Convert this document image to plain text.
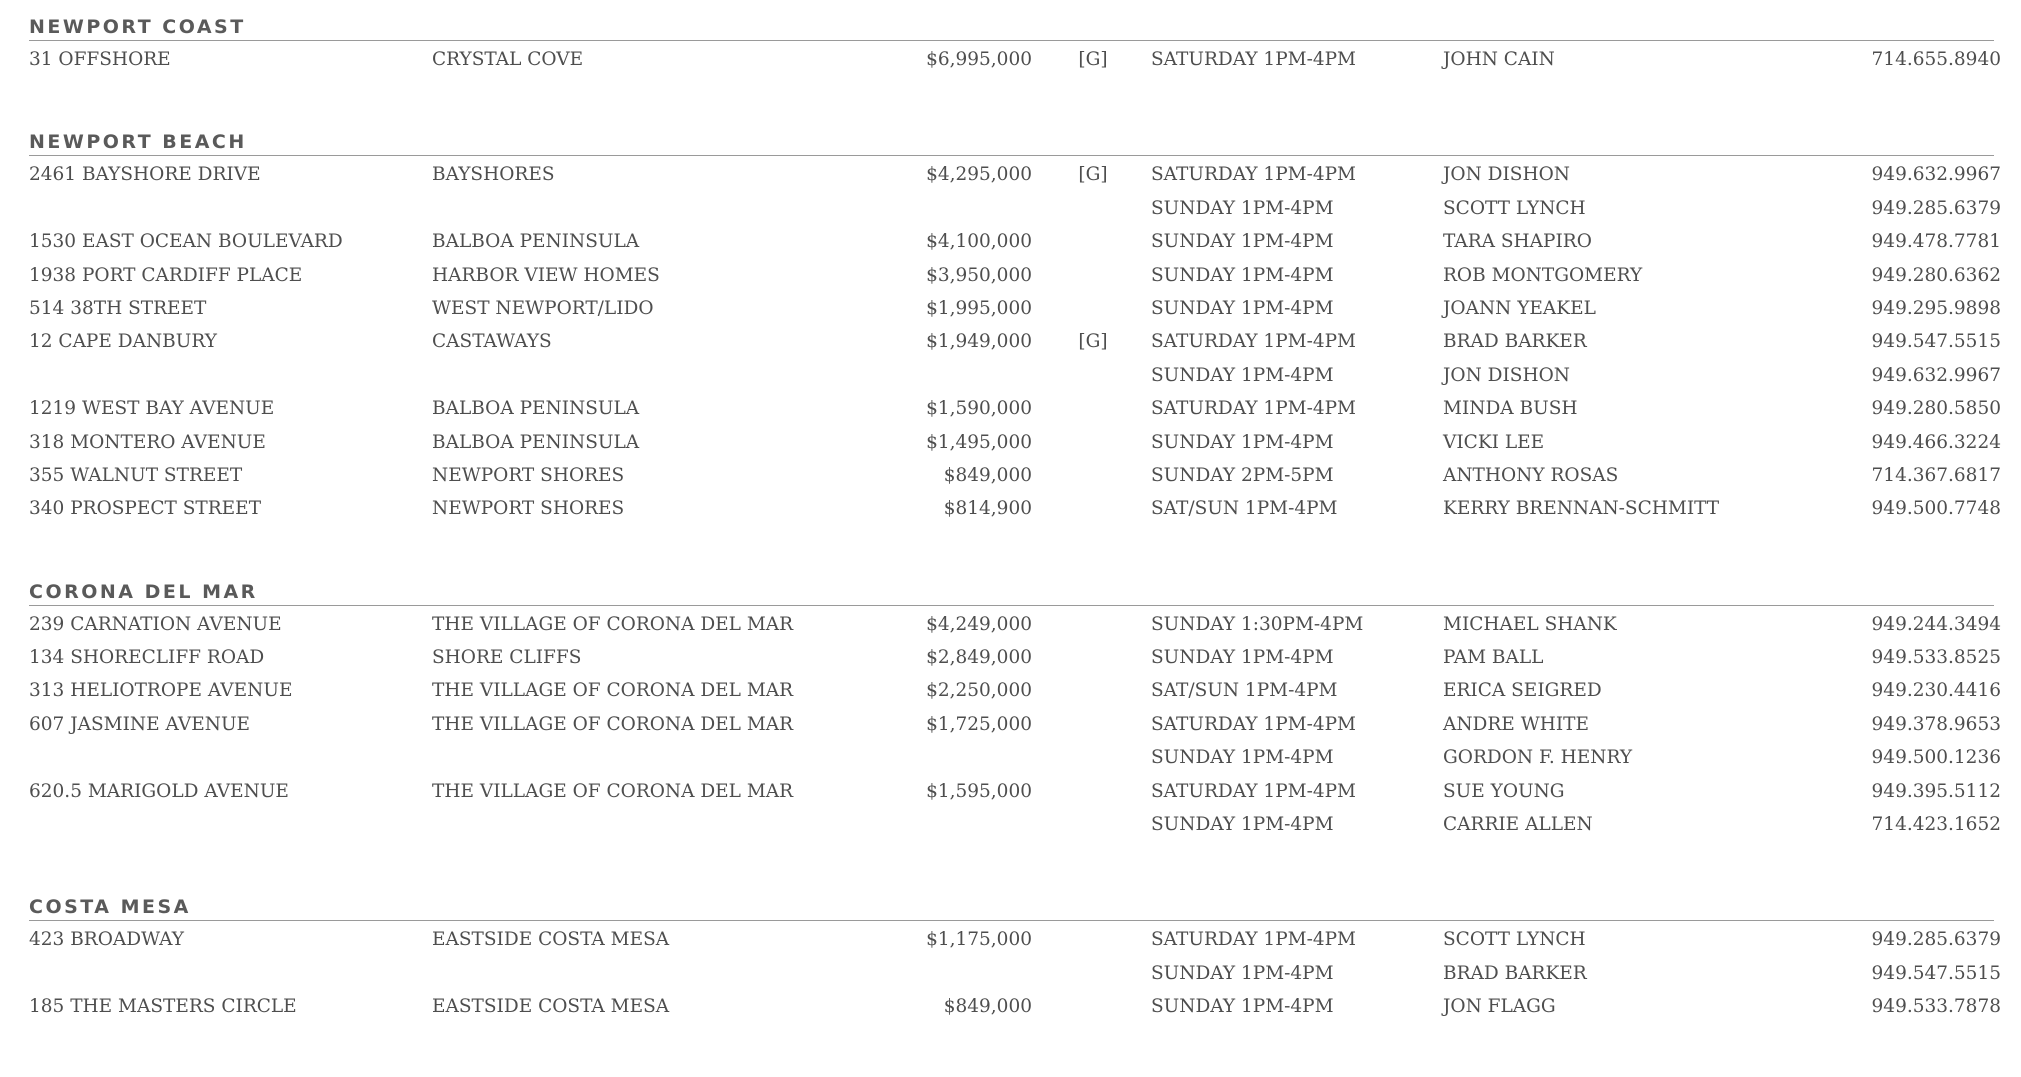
NEWPORT COAST
31 OFFSHORE	CRYSTAL COVE	$6,995,000	[G]	SATURDAY 1PM-4PM	JOHN CAIN	714.655.8940
NEWPORT BEACH
2461 BAYSHORE DRIVE	BAYSHORES	$4,295,000	[G]	SATURDAY 1PM-4PM	JON DISHON	949.632.9967
SUNDAY 1PM-4PM	SCOTT LYNCH	949.285.6379
1530 EAST OCEAN BOULEVARD	BALBOA PENINSULA	$4,100,000	SUNDAY 1PM-4PM	TARA SHAPIRO	949.478.7781
1938 PORT CARDIFF PLACE	HARBOR VIEW HOMES	$3,950,000	SUNDAY 1PM-4PM	ROB MONTGOMERY	949.280.6362
514 38TH STREET	WEST NEWPORT/LIDO	$1,995,000	SUNDAY 1PM-4PM	JOANN YEAKEL	949.295.9898
12 CAPE DANBURY	CASTAWAYS	$1,949,000	[G]	SATURDAY 1PM-4PM	BRAD BARKER	949.547.5515
SUNDAY 1PM-4PM	JON DISHON	949.632.9967
1219 WEST BAY AVENUE	BALBOA PENINSULA	$1,590,000	SATURDAY 1PM-4PM	MINDA BUSH	949.280.5850
318 MONTERO AVENUE	BALBOA PENINSULA	$1,495,000	SUNDAY 1PM-4PM	VICKI LEE	949.466.3224
355 WALNUT STREET	NEWPORT SHORES	$849,000	SUNDAY 2PM-5PM	ANTHONY ROSAS	714.367.6817
340 PROSPECT STREET	NEWPORT SHORES	$814,900	SAT/SUN 1PM-4PM	KERRY BRENNAN-SCHMITT	949.500.7748
CORONA DEL MAR
239 CARNATION AVENUE	THE VILLAGE OF CORONA DEL MAR	$4,249,000	SUNDAY 1:30PM-4PM	MICHAEL SHANK	949.244.3494
134 SHORECLIFF ROAD	SHORE CLIFFS	$2,849,000	SUNDAY 1PM-4PM	PAM BALL	949.533.8525
313 HELIOTROPE AVENUE	THE VILLAGE OF CORONA DEL MAR	$2,250,000	SAT/SUN 1PM-4PM	ERICA SEIGRED	949.230.4416
607 JASMINE AVENUE	THE VILLAGE OF CORONA DEL MAR	$1,725,000	SATURDAY 1PM-4PM	ANDRE WHITE	949.378.9653
SUNDAY 1PM-4PM	GORDON F. HENRY	949.500.1236
620.5 MARIGOLD AVENUE	THE VILLAGE OF CORONA DEL MAR	$1,595,000	SATURDAY 1PM-4PM	SUE YOUNG	949.395.5112
SUNDAY 1PM-4PM	CARRIE ALLEN	714.423.1652
COSTA MESA
423 BROADWAY	EASTSIDE COSTA MESA	$1,175,000	SATURDAY 1PM-4PM	SCOTT LYNCH	949.285.6379
SUNDAY 1PM-4PM	BRAD BARKER	949.547.5515
185 THE MASTERS CIRCLE	EASTSIDE COSTA MESA	$849,000	SUNDAY 1PM-4PM	JON FLAGG	949.533.7878
